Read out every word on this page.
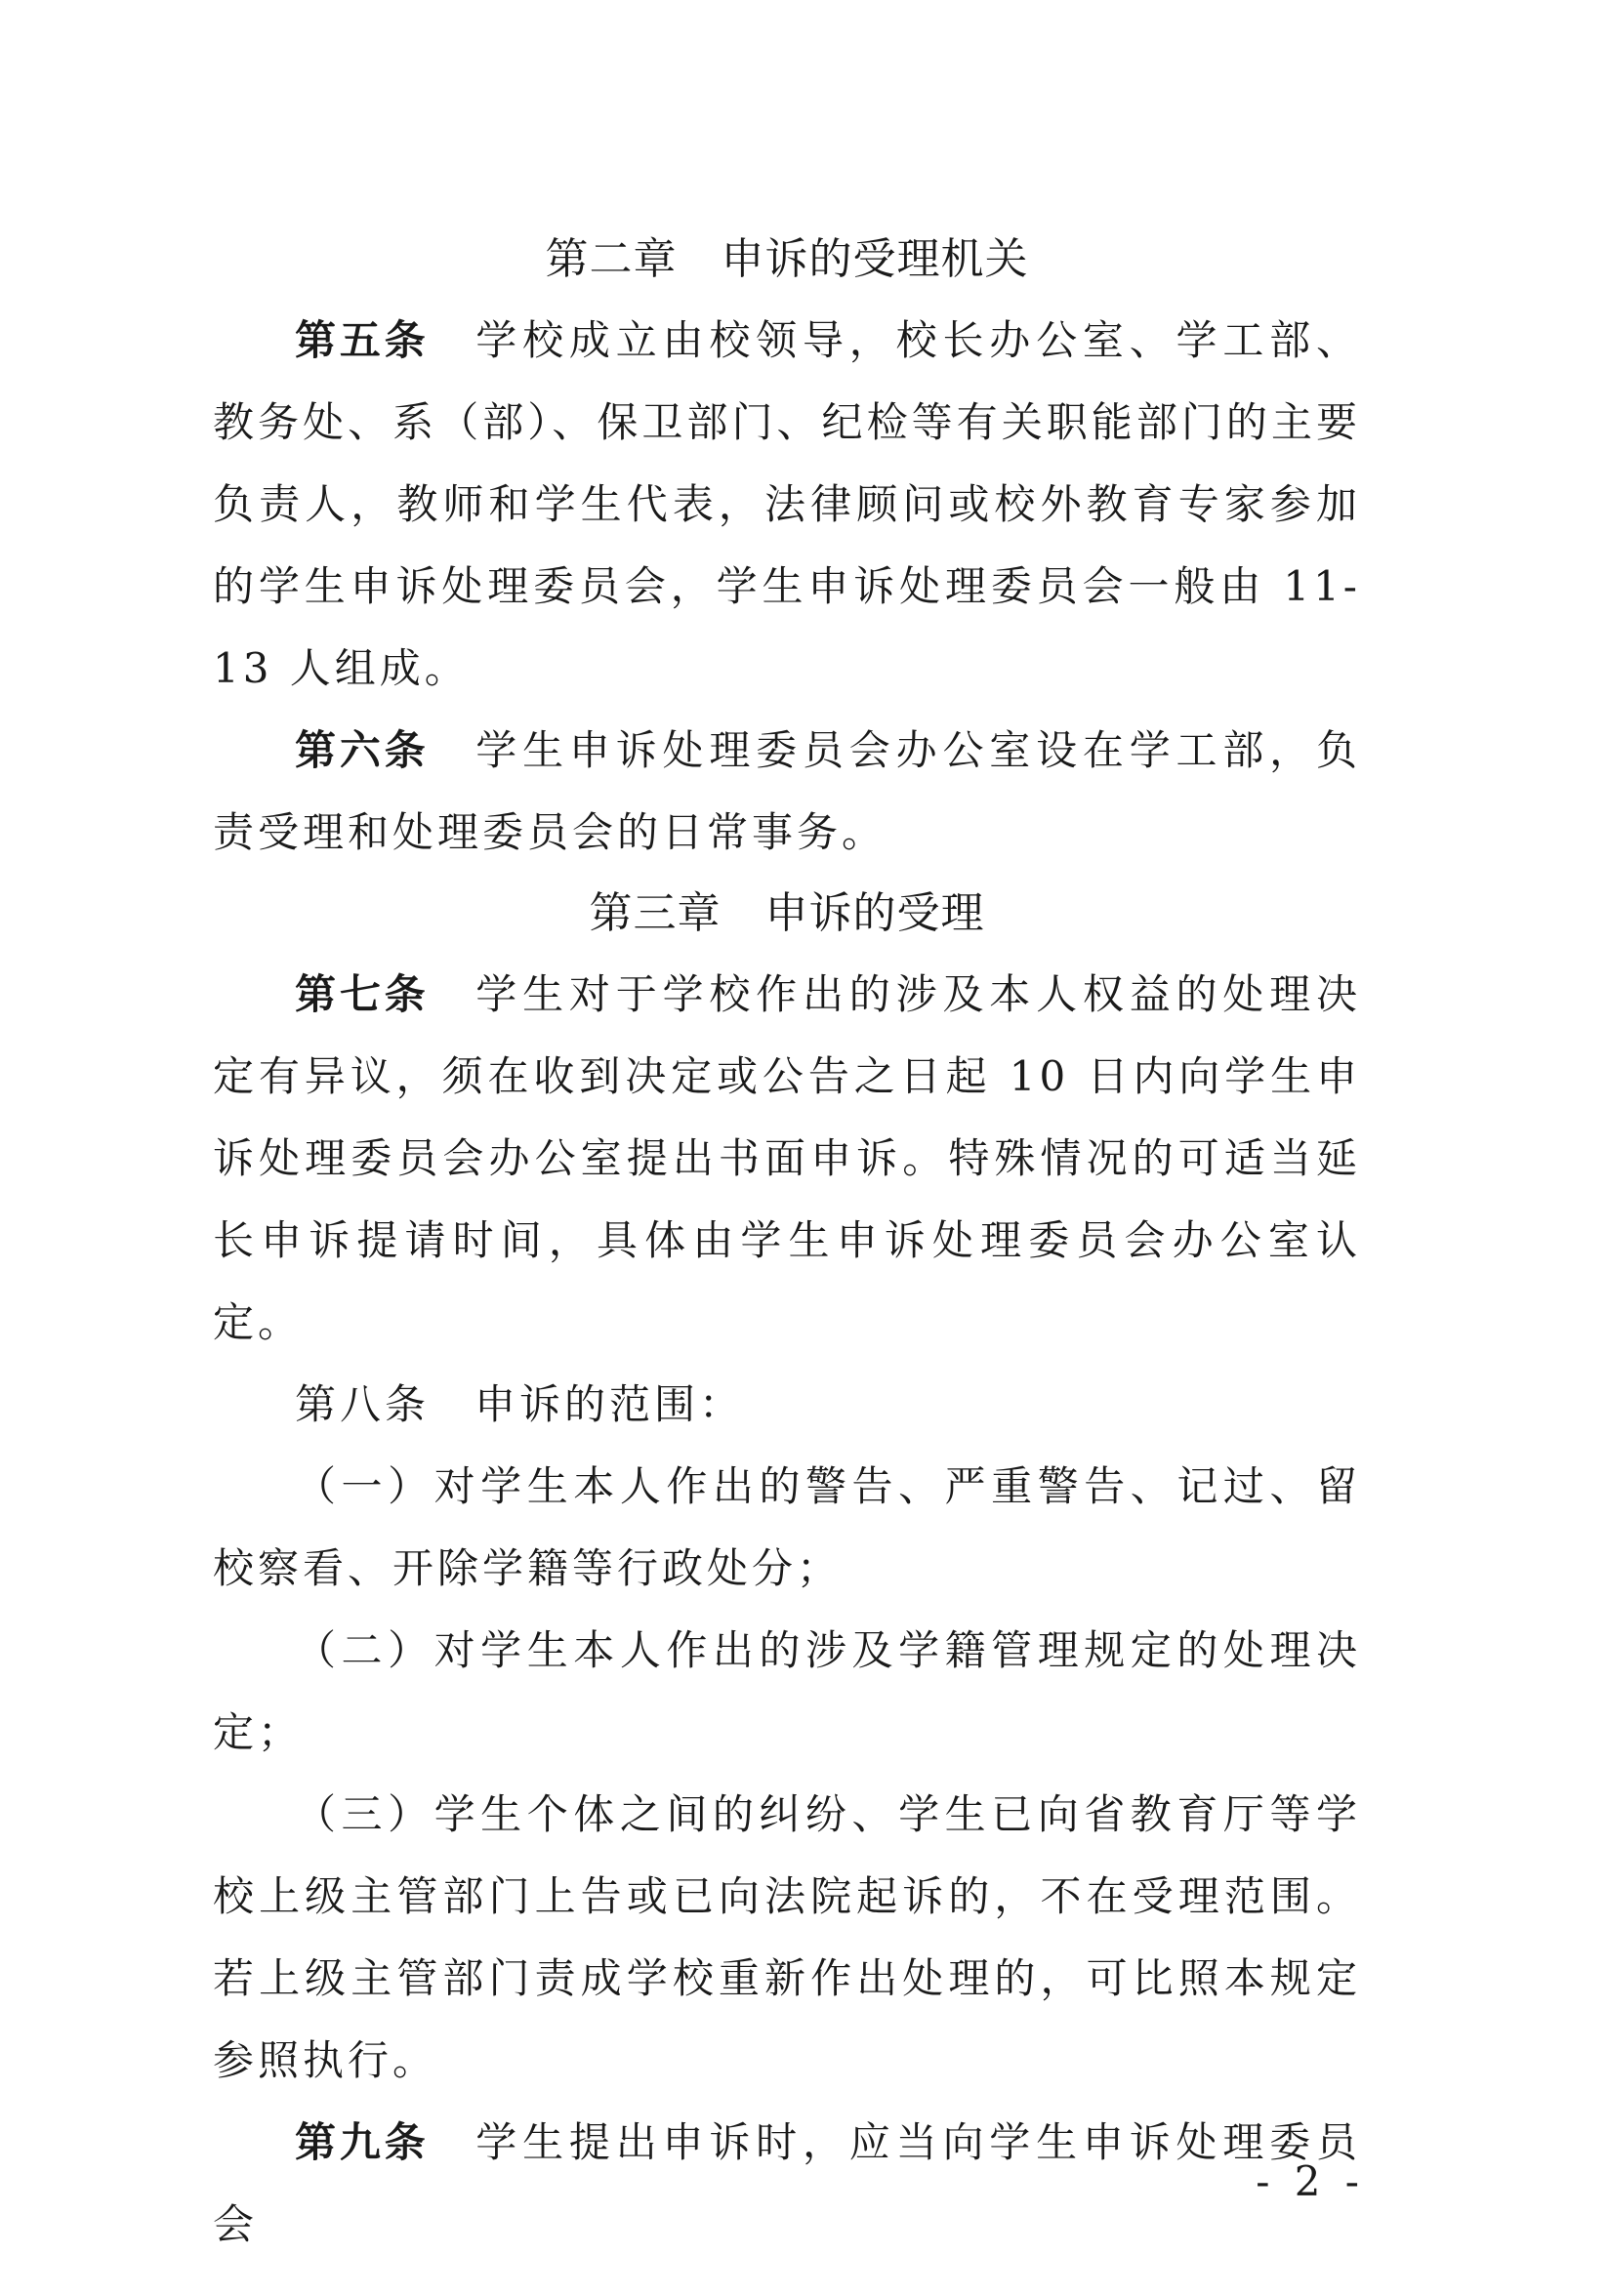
第二章　申诉的受理机关

第五条　学校成立由校领导，校长办公室、学工部、教务处、系（部）、保卫部门、纪检等有关职能部门的主要负责人，教师和学生代表，法律顾问或校外教育专家参加的学生申诉处理委员会，学生申诉处理委员会一般由 11-13 人组成。

第六条　学生申诉处理委员会办公室设在学工部，负责受理和处理委员会的日常事务。

第三章　申诉的受理

第七条　学生对于学校作出的涉及本人权益的处理决定有异议，须在收到决定或公告之日起 10 日内向学生申诉处理委员会办公室提出书面申诉。特殊情况的可适当延长申诉提请时间，具体由学生申诉处理委员会办公室认定。

第八条　申诉的范围：

（一）对学生本人作出的警告、严重警告、记过、留校察看、开除学籍等行政处分；

（二）对学生本人作出的涉及学籍管理规定的处理决定；

（三）学生个体之间的纠纷、学生已向省教育厅等学校上级主管部门上告或已向法院起诉的，不在受理范围。若上级主管部门责成学校重新作出处理的，可比照本规定参照执行。

第九条　学生提出申诉时，应当向学生申诉处理委员会

- 2 -
